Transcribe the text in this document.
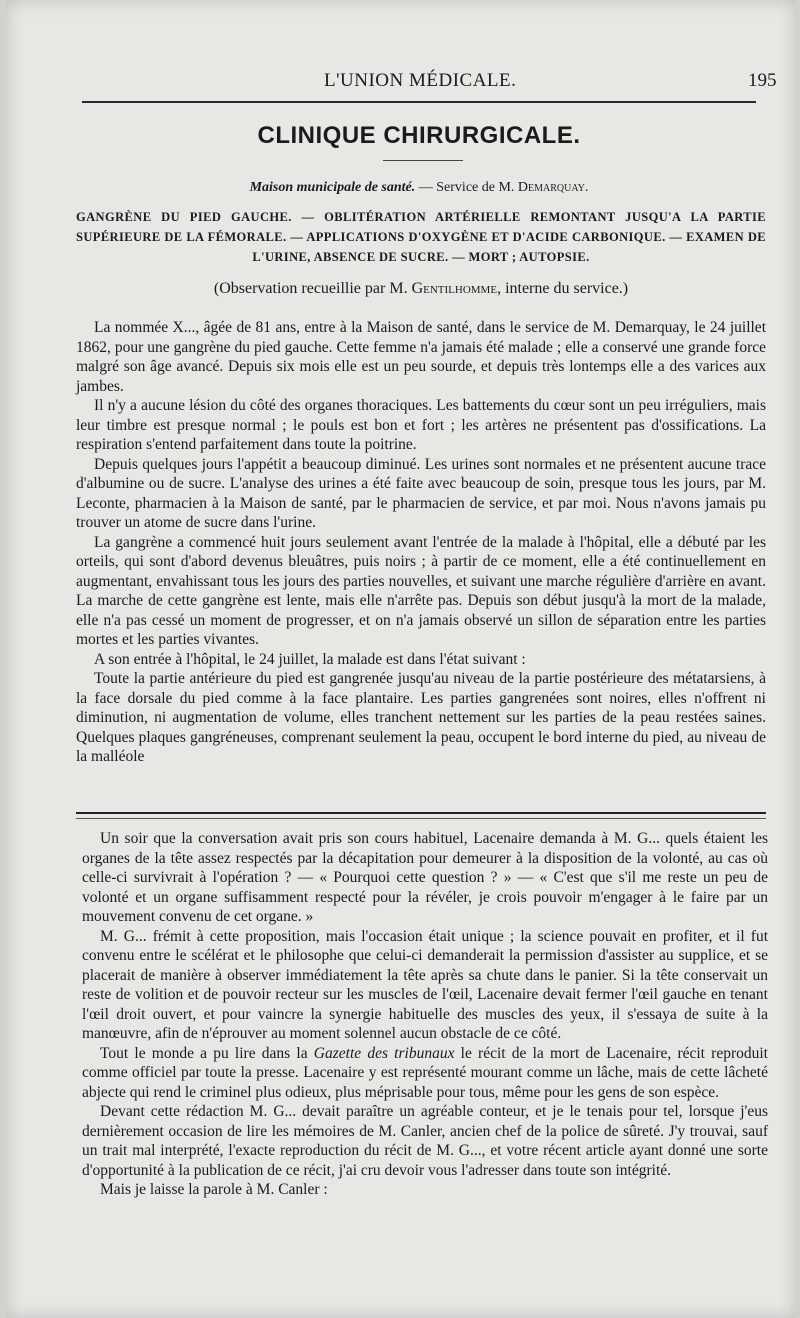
L'UNION MÉDICALE.	195
CLINIQUE CHIRURGICALE.
Maison municipale de santé. — Service de M. Demarquay.
GANGRÈNE DU PIED GAUCHE. — OBLITÉRATION ARTÉRIELLE REMONTANT JUSQU'A LA PARTIE SUPÉRIEURE DE LA FÉMORALE. — APPLICATIONS D'OXYGÈNE ET D'ACIDE CARBONIQUE. — EXAMEN DE L'URINE, ABSENCE DE SUCRE. — MORT ; AUTOPSIE.
(Observation recueillie par M. Gentilhomme, interne du service.)

La nommée X..., âgée de 81 ans, entre à la Maison de santé, dans le service de M. Demarquay, le 24 juillet 1862, pour une gangrène du pied gauche. Cette femme n'a jamais été malade ; elle a conservé une grande force malgré son âge avancé. Depuis six mois elle est un peu sourde, et depuis très lontemps elle a des varices aux jambes.

Il n'y a aucune lésion du côté des organes thoraciques. Les battements du cœur sont un peu irréguliers, mais leur timbre est presque normal ; le pouls est bon et fort ; les artères ne présentent pas d'ossifications. La respiration s'entend parfaitement dans toute la poitrine.

Depuis quelques jours l'appétit a beaucoup diminué. Les urines sont normales et ne présentent aucune trace d'albumine ou de sucre. L'analyse des urines a été faite avec beaucoup de soin, presque tous les jours, par M. Leconte, pharmacien à la Maison de santé, par le pharmacien de service, et par moi. Nous n'avons jamais pu trouver un atome de sucre dans l'urine.

La gangrène a commencé huit jours seulement avant l'entrée de la malade à l'hôpital, elle a débuté par les orteils, qui sont d'abord devenus bleuâtres, puis noirs ; à partir de ce moment, elle a été continuellement en augmentant, envahissant tous les jours des parties nouvelles, et suivant une marche régulière d'arrière en avant. La marche de cette gangrène est lente, mais elle n'arrête pas. Depuis son début jusqu'à la mort de la malade, elle n'a pas cessé un moment de progresser, et on n'a jamais observé un sillon de séparation entre les parties mortes et les parties vivantes.

A son entrée à l'hôpital, le 24 juillet, la malade est dans l'état suivant :

Toute la partie antérieure du pied est gangrenée jusqu'au niveau de la partie postérieure des métatarsiens, à la face dorsale du pied comme à la face plantaire. Les parties gangrenées sont noires, elles n'offrent ni diminution, ni augmentation de volume, elles tranchent nettement sur les parties de la peau restées saines. Quelques plaques gangréneuses, comprenant seulement la peau, occupent le bord interne du pied, au niveau de la malléole

Un soir que la conversation avait pris son cours habituel, Lacenaire demanda à M. G... quels étaient les organes de la tête assez respectés par la décapitation pour demeurer à la disposition de la volonté, au cas où celle-ci survivrait à l'opération ? — « Pourquoi cette question ? » — « C'est que s'il me reste un peu de volonté et un organe suffisamment respecté pour la révéler, je crois pouvoir m'engager à le faire par un mouvement convenu de cet organe. »

M. G... frémit à cette proposition, mais l'occasion était unique ; la science pouvait en profiter, et il fut convenu entre le scélérat et le philosophe que celui-ci demanderait la permission d'assister au supplice, et se placerait de manière à observer immédiatement la tête après sa chute dans le panier. Si la tête conservait un reste de volition et de pouvoir recteur sur les muscles de l'œil, Lacenaire devait fermer l'œil gauche en tenant l'œil droit ouvert, et pour vaincre la synergie habituelle des muscles des yeux, il s'essaya de suite à la manœuvre, afin de n'éprouver au moment solennel aucun obstacle de ce côté.

Tout le monde a pu lire dans la Gazette des tribunaux le récit de la mort de Lacenaire, récit reproduit comme officiel par toute la presse. Lacenaire y est représenté mourant comme un lâche, mais de cette lâcheté abjecte qui rend le criminel plus odieux, plus méprisable pour tous, même pour les gens de son espèce.

Devant cette rédaction M. G... devait paraître un agréable conteur, et je le tenais pour tel, lorsque j'eus dernièrement occasion de lire les mémoires de M. Canler, ancien chef de la police de sûreté. J'y trouvai, sauf un trait mal interprété, l'exacte reproduction du récit de M. G..., et votre récent article ayant donné une sorte d'opportunité à la publication de ce récit, j'ai cru devoir vous l'adresser dans toute son intégrité.

Mais je laisse la parole à M. Canler :
